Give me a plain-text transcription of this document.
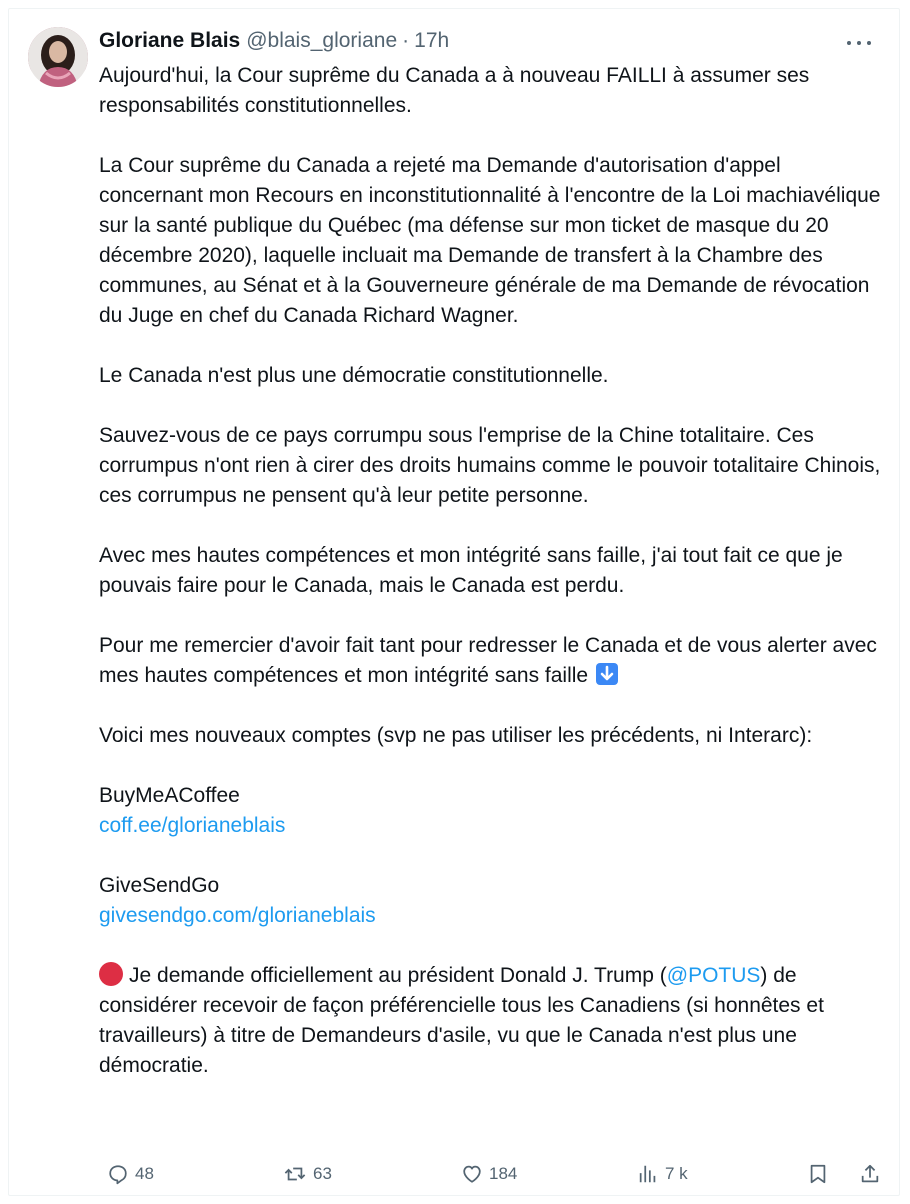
Gloriane Blais @blais_gloriane · 17h

Aujourd'hui, la Cour suprême du Canada a à nouveau FAILLI à assumer ses responsabilités constitutionnelles.

La Cour suprême du Canada a rejeté ma Demande d'autorisation d'appel concernant mon Recours en inconstitutionnalité à l'encontre de la Loi machiavélique sur la santé publique du Québec (ma défense sur mon ticket de masque du 20 décembre 2020), laquelle incluait ma Demande de transfert à la Chambre des communes, au Sénat et à la Gouverneure générale de ma Demande de révocation du Juge en chef du Canada Richard Wagner.

Le Canada n'est plus une démocratie constitutionnelle.

Sauvez-vous de ce pays corrumpu sous l'emprise de la Chine totalitaire. Ces corrumpus n'ont rien à cirer des droits humains comme le pouvoir totalitaire Chinois, ces corrumpus ne pensent qu'à leur petite personne.

Avec mes hautes compétences et mon intégrité sans faille, j'ai tout fait ce que je pouvais faire pour le Canada, mais le Canada est perdu.

Pour me remercier d'avoir fait tant pour redresser le Canada et de vous alerter avec mes hautes compétences et mon intégrité sans faille

Voici mes nouveaux comptes (svp ne pas utiliser les précédents, ni Interarc):

BuyMeACoffee

coff.ee/glorianeblais

GiveSendGo

givesendgo.com/glorianeblais

Je demande officiellement au président Donald J. Trump (@POTUS) de considérer recevoir de façon préférencielle tous les Canadiens (si honnêtes et travailleurs) à titre de Demandeurs d'asile, vu que le Canada n'est plus une démocratie.

48	63	184	7 k
